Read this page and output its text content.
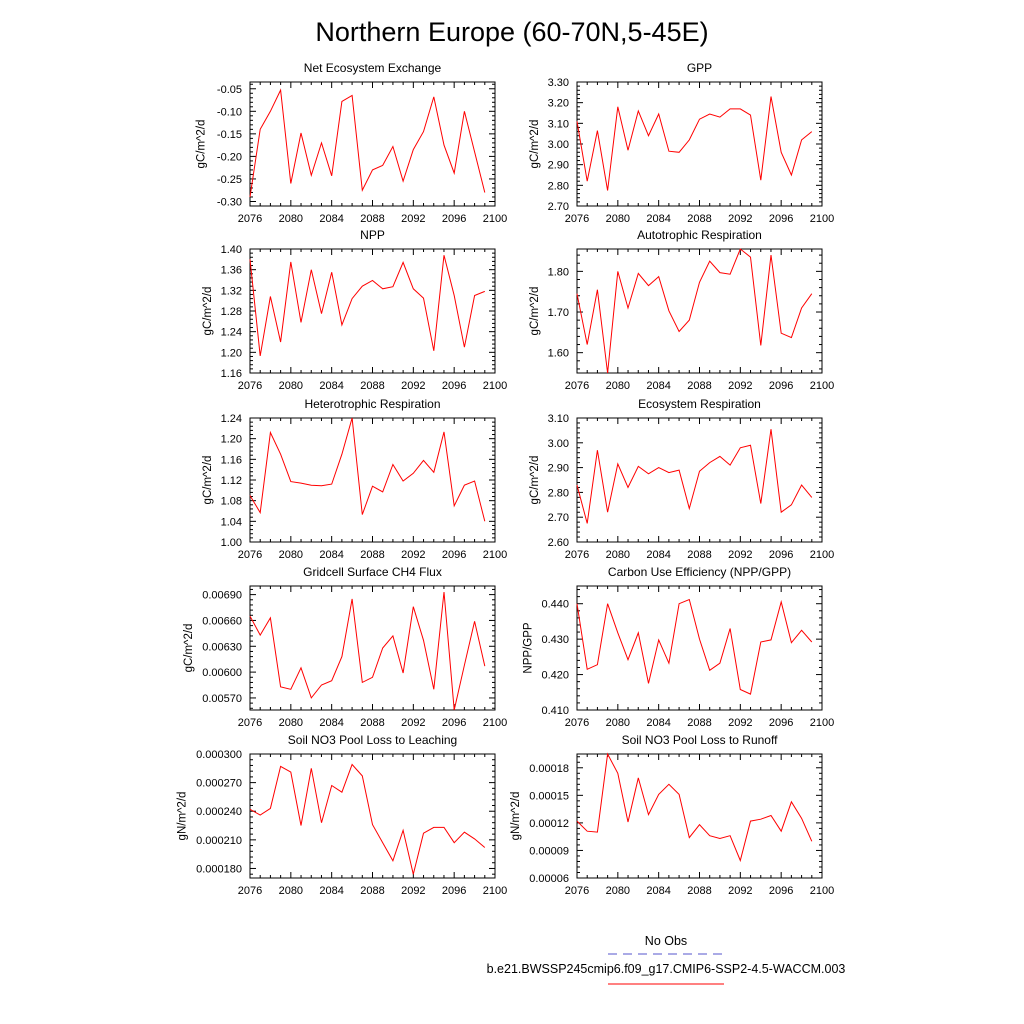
Northern Europe (60-70N,5-45E)
Net Ecosystem Exchange
2076 2080 2084 2088 2092 2096 2100
-0.30
-0.25
-0.20
-0.15
-0.10
-0.05
gC/m^2/d
GPP
2076 2080 2084 2088 2092 2096 2100
2.70
2.80
2.90
3.00
3.10
3.20
3.30
gC/m^2/d
NPP
2076 2080 2084 2088 2092 2096 2100
1.16
1.20
1.24
1.28
1.32
1.36
1.40
gC/m^2/d
Autotrophic Respiration
2076 2080 2084 2088 2092 2096 2100
1.60
1.70
1.80
gC/m^2/d
Heterotrophic Respiration
2076 2080 2084 2088 2092 2096 2100
1.00
1.04
1.08
1.12
1.16
1.20
1.24
gC/m^2/d
Ecosystem Respiration
2076 2080 2084 2088 2092 2096 2100
2.60
2.70
2.80
2.90
3.00
3.10
gC/m^2/d
Gridcell Surface CH4 Flux
2076 2080 2084 2088 2092 2096 2100
0.00570
0.00600
0.00630
0.00660
0.00690
gC/m^2/d
Carbon Use Efficiency (NPP/GPP)
2076 2080 2084 2088 2092 2096 2100
0.410
0.420
0.430
0.440
NPP/GPP
Soil NO3 Pool Loss to Leaching
2076 2080 2084 2088 2092 2096 2100
0.000180
0.000210
0.000240
0.000270
0.000300
gN/m^2/d
Soil NO3 Pool Loss to Runoff
2076 2080 2084 2088 2092 2096 2100
0.00006
0.00009
0.00012
0.00015
0.00018
gN/m^2/d
No Obs
b.e21.BWSSP245cmip6.f09_g17.CMIP6-SSP2-4.5-WACCM.003
